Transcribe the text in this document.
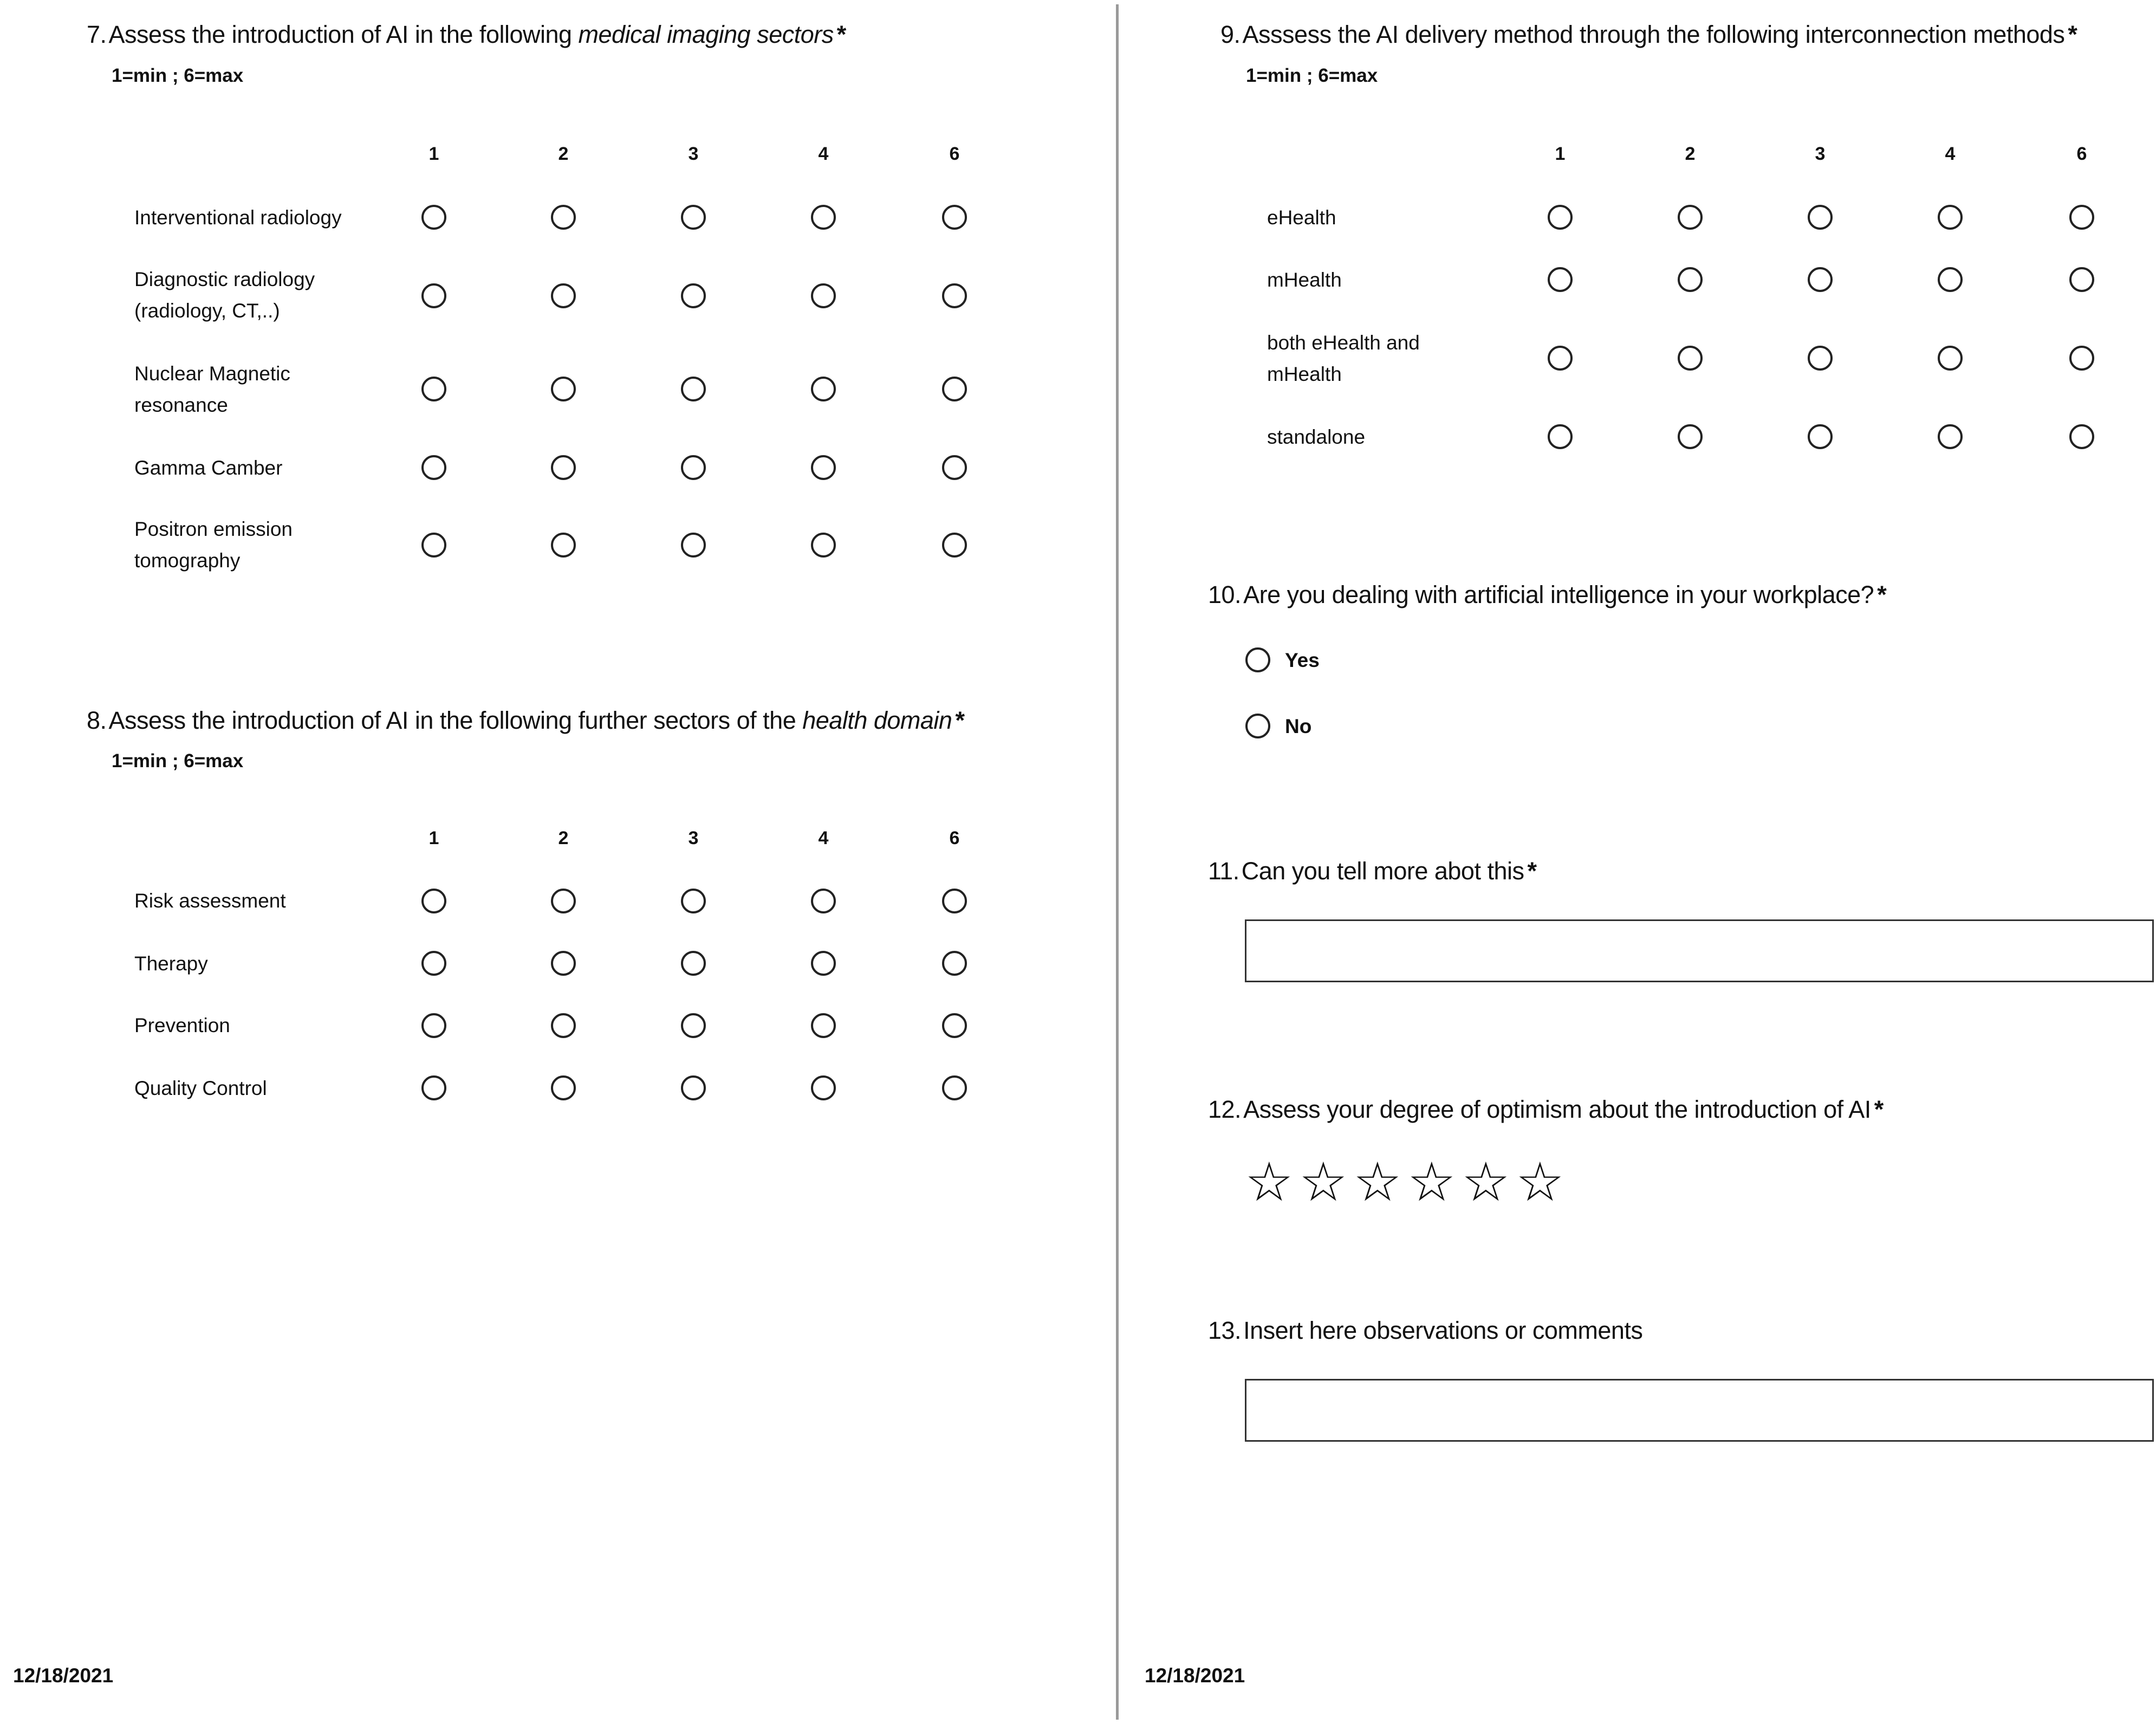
7.Assess the introduction of AI in the following medical imaging sectors *
1=min ; 6=max
1	2	3	4	6
Interventional radiology
Diagnostic radiology
(radiology, CT,..)
Nuclear Magnetic
resonance
Gamma Camber
Positron emission
tomography
8.Assess the introduction of AI in the following further sectors of the health domain *
1=min ; 6=max
1	2	3	4	6
Risk assessment
Therapy
Prevention
Quality Control
12/18/2021
9.Asssess the AI delivery method through the following interconnection methods *
1=min ; 6=max
1	2	3	4	6
eHealth
mHealth
both eHealth and
mHealth
standalone
10.Are you dealing with artificial intelligence in your workplace? *
Yes
No
11.Can you tell more abot this *
12.Assess your degree of optimism about the introduction of AI *
☆ ☆ ☆ ☆ ☆ ☆
13.Insert here observations or comments
12/18/2021
